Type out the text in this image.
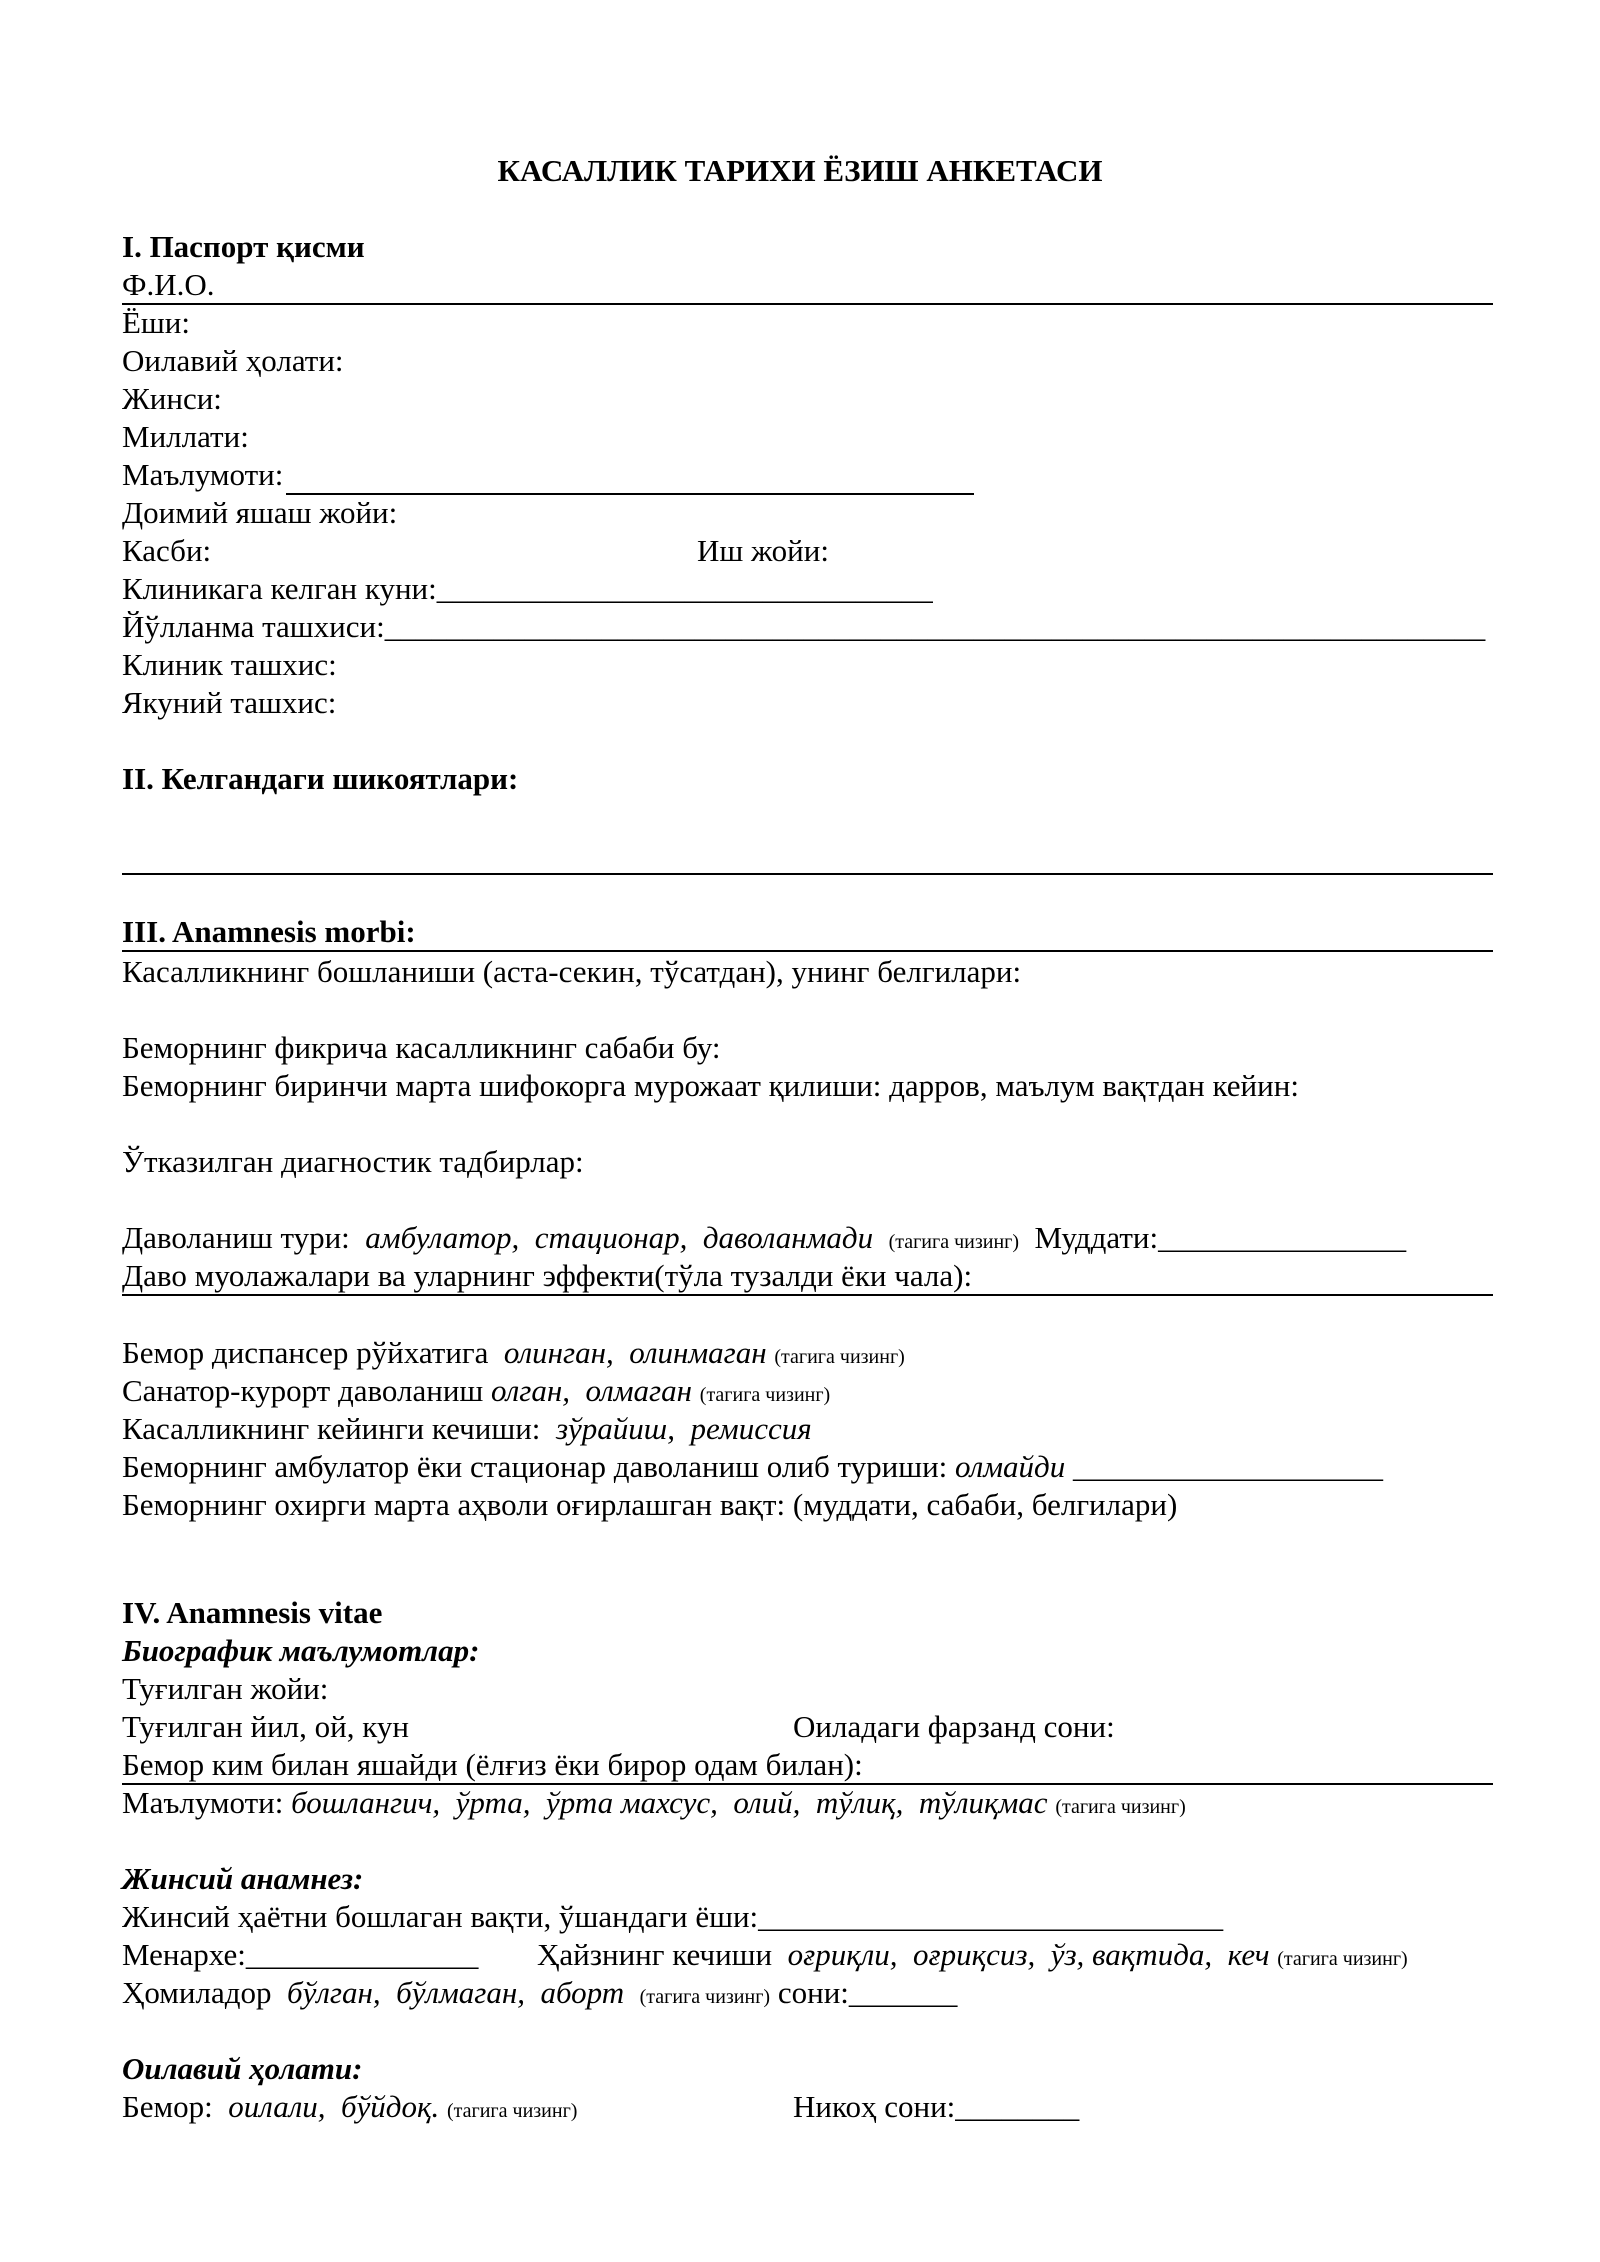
КАСАЛЛИК ТАРИХИ ЁЗИШ АНКЕТАСИ
I. Паспорт қисми
Ф.И.О.
Ёши:
Оилавий ҳолати:
Жинси:
Миллати:
Маълумоти:
Доимий яшаш жойи:
Касби:	Иш жойи:
Клиникага келган куни:________________________________
Йўлланма ташхиси:_______________________________________________________________________
Клиник ташхис:
Якуний ташхис:
II. Келгандаги шикоятлари:
III. Anamnesis morbi:
Касалликнинг бошланиши (аста-секин, тўсатдан), унинг белгилари:
Беморнинг фикрича касалликнинг сабаби бу:
Беморнинг биринчи марта шифокорга мурожаат қилиши: дарров, маълум вақтдан кейин:
Ўтказилган диагностик тадбирлар:
Даволаниш тури:  амбулатор,  стационар,  даволанмади (тагига чизинг) Муддати:________________
Даво муолажалари ва уларнинг эффекти(тўла тузалди ёки чала):
Бемор диспансер рўйхатига  олинган,  олинмаган (тагига чизинг)
Санатор-курорт даволаниш олган,  олмаган (тагига чизинг)
Касалликнинг кейинги кечиши:  зўрайиш,  ремиссия
Беморнинг амбулатор ёки стационар даволаниш олиб туриши: олмайди ____________________
Беморнинг охирги марта аҳволи оғирлашган вақт: (муддати, сабаби, белгилари)
IV. Anamnesis vitae
Биографик маълумотлар:
Туғилган жойи:
Туғилган йил, ой, кун	Оиладаги фарзанд сони:
Бемор ким билан яшайди (ёлғиз ёки бирор одам билан):
Маълумоти: бошлангич,  ўрта,  ўрта махсус,  олий,  тўлиқ,  тўлиқмас (тагига чизинг)
Жинсий анамнез:
Жинсий ҳаётни бошлаган вақти, ўшандаги ёши:______________________________
Менархе:_______________ Ҳайзнинг кечиши  оғриқли,  оғриқсиз,  ўз, вақтида,  кеч (тагига чизинг)
Ҳомиладор  бўлган,  бўлмаган,  аборт (тагига чизинг) сони:_______
Оилавий ҳолати:
Бемор:  оилали,  бўйдоқ. (тагига чизинг)	Никоҳ сони:________
